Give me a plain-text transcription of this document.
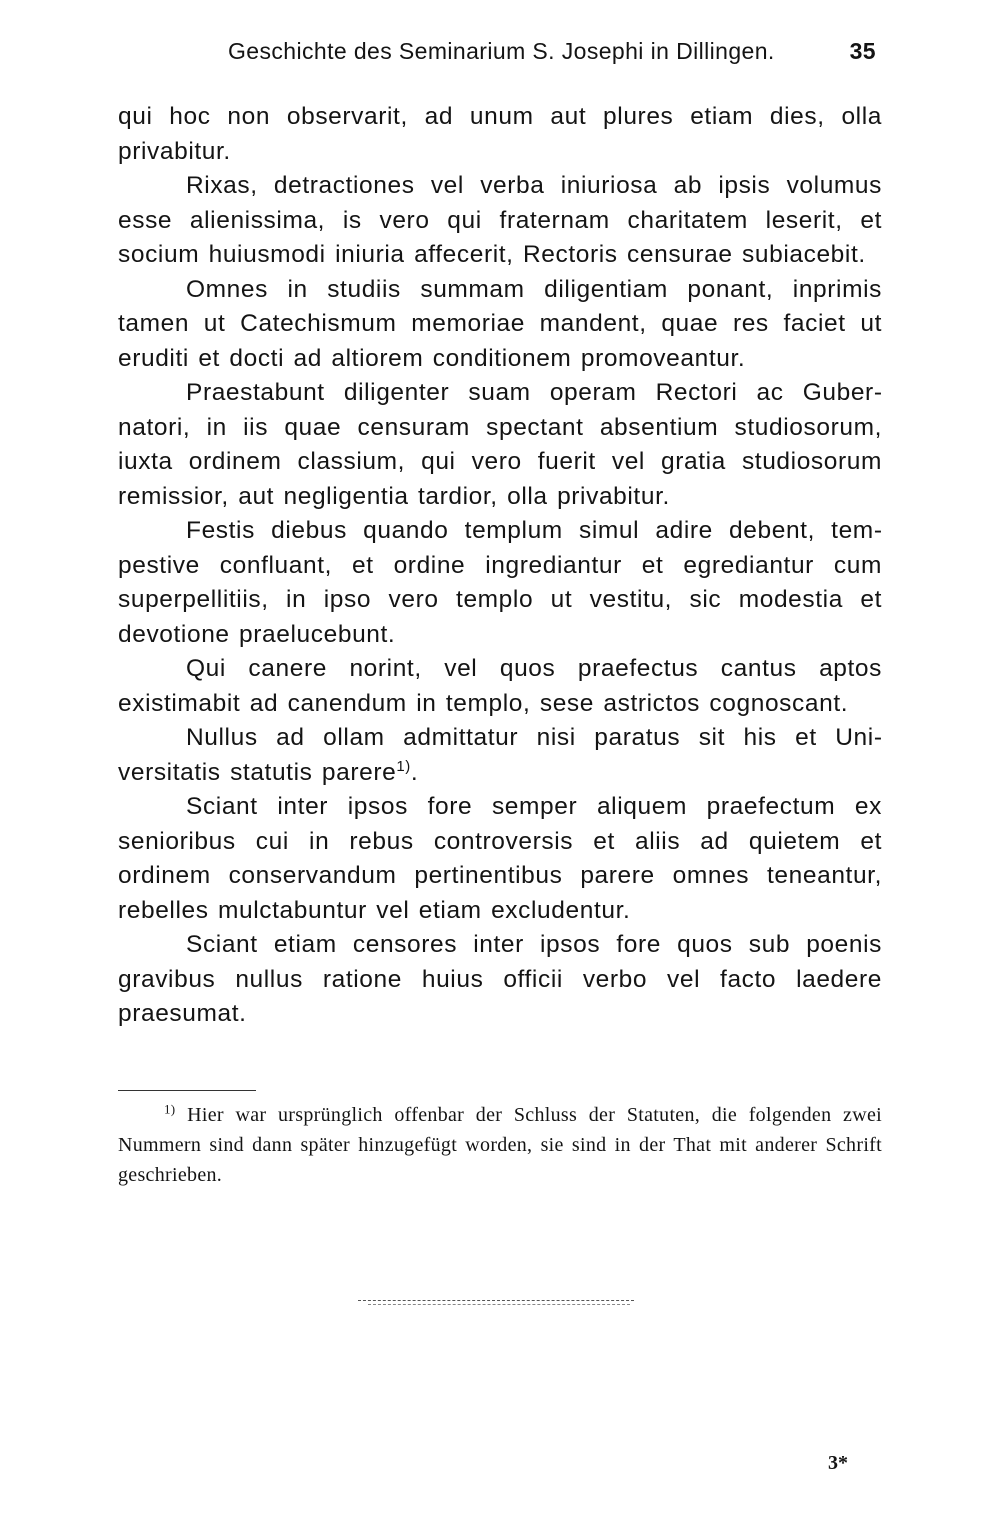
Geschichte des Seminarium S. Josephi in Dillingen.	35

qui hoc non observarit, ad unum aut plures etiam dies, olla privabitur.

Rixas, detractiones vel verba iniuriosa ab ipsis volumus esse alienissima, is vero qui fraternam charitatem leserit, et socium huiusmodi iniuria affecerit, Rectoris censurae subiacebit.

Omnes in studiis summam diligentiam ponant, inprimis tamen ut Catechismum memoriae mandent, quae res faciet ut eruditi et docti ad altiorem conditionem promoveantur.

Praestabunt diligenter suam operam Rectori ac Gubernatori, in iis quae censuram spectant absentium studiosorum, iuxta ordinem classium, qui vero fuerit vel gratia studiosorum remissior, aut negligentia tardior, olla privabitur.

Festis diebus quando templum simul adire debent, tempestive confluant, et ordine ingrediantur et egrediantur cum superpellitiis, in ipso vero templo ut vestitu, sic modestia et devotione praelucebunt.

Qui canere norint, vel quos praefectus cantus aptos existimabit ad canendum in templo, sese astrictos cognoscant.

Nullus ad ollam admittatur nisi paratus sit his et Universitatis statutis parere$^{1)}$.

Sciant inter ipsos fore semper aliquem praefectum ex senioribus cui in rebus controversis et aliis ad quietem et ordinem conservandum pertinentibus parere omnes teneantur, rebelles mulctabuntur vel etiam excludentur.

Sciant etiam censores inter ipsos fore quos sub poenis gravibus nullus ratione huius officii verbo vel facto laedere praesumat.

$^{1)}$ Hier war ursprünglich offenbar der Schluss der Statuten, die folgenden zwei Nummern sind dann später hinzugefügt worden, sie sind in der That mit anderer Schrift geschrieben.

3*
